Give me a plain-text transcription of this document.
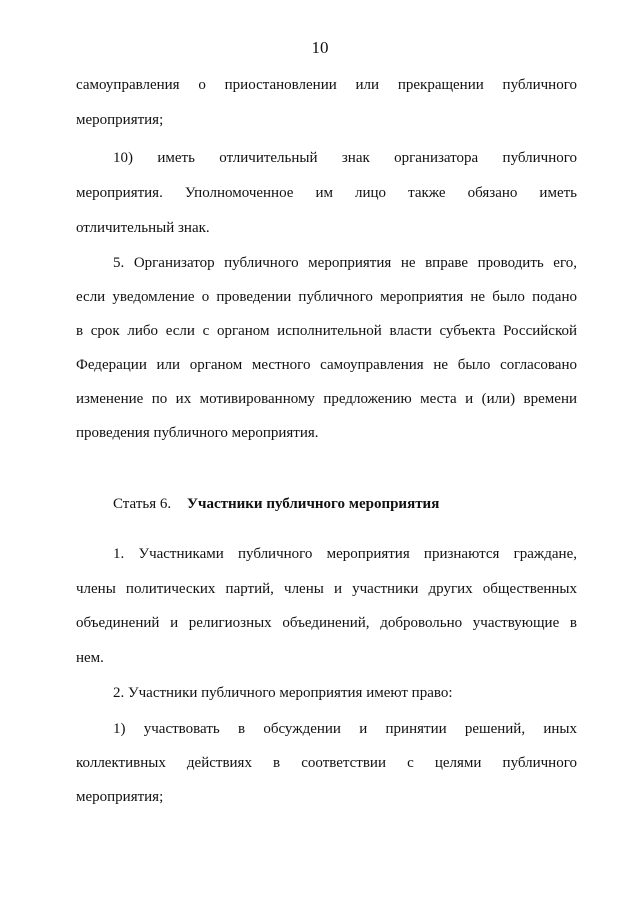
10
самоуправления о приостановлении или прекращении публичного
мероприятия;
10) иметь отличительный знак организатора публичного
мероприятия. Уполномоченное им лицо также обязано иметь
отличительный знак.
5. Организатор публичного мероприятия не вправе проводить его,
если уведомление о проведении публичного мероприятия не было подано
в срок либо если с органом исполнительной власти субъекта Российской
Федерации или органом местного самоуправления не было согласовано
изменение по их мотивированному предложению места и (или) времени
проведения публичного мероприятия.
Статья 6. Участники публичного мероприятия
1. Участниками публичного мероприятия признаются граждане,
члены политических партий, члены и участники других общественных
объединений и религиозных объединений, добровольно участвующие в
нем.
2. Участники публичного мероприятия имеют право:
1) участвовать в обсуждении и принятии решений, иных
коллективных действиях в соответствии с целями публичного
мероприятия;
